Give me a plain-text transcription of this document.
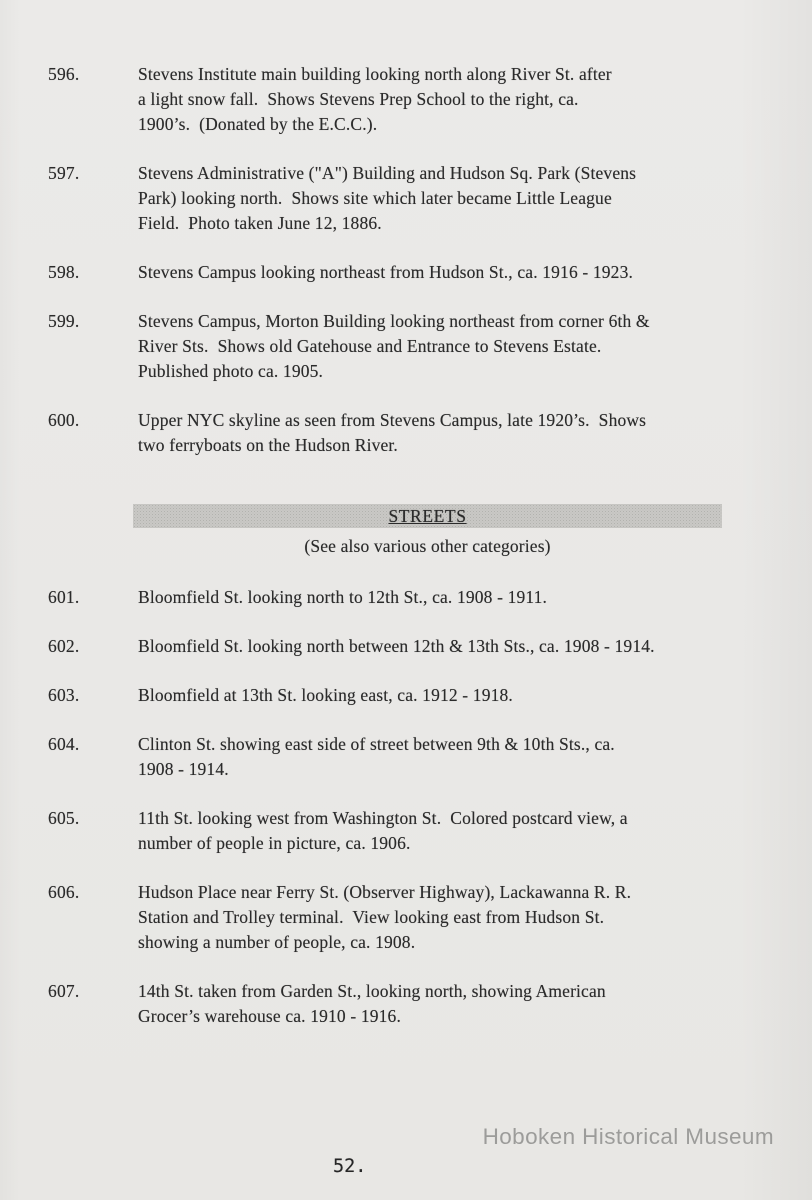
596.	Stevens Institute main building looking north along River St. after
a light snow fall.  Shows Stevens Prep School to the right, ca.
1900’s.  (Donated by the E.C.C.).
597.	Stevens Administrative ("A") Building and Hudson Sq. Park (Stevens
Park) looking north.  Shows site which later became Little League
Field.  Photo taken June 12, 1886.
598.	Stevens Campus looking northeast from Hudson St., ca. 1916 - 1923.
599.	Stevens Campus, Morton Building looking northeast from corner 6th &
River Sts.  Shows old Gatehouse and Entrance to Stevens Estate.
Published photo ca. 1905.
600.	Upper NYC skyline as seen from Stevens Campus, late 1920’s.  Shows
two ferryboats on the Hudson River.
STREETS
(See also various other categories)
601.	Bloomfield St. looking north to 12th St., ca. 1908 - 1911.
602.	Bloomfield St. looking north between 12th & 13th Sts., ca. 1908 - 1914.
603.	Bloomfield at 13th St. looking east, ca. 1912 - 1918.
604.	Clinton St. showing east side of street between 9th & 10th Sts., ca.
1908 - 1914.
605.	11th St. looking west from Washington St.  Colored postcard view, a
number of people in picture, ca. 1906.
606.	Hudson Place near Ferry St. (Observer Highway), Lackawanna R. R.
Station and Trolley terminal.  View looking east from Hudson St.
showing a number of people, ca. 1908.
607.	14th St. taken from Garden St., looking north, showing American
Grocer’s warehouse ca. 1910 - 1916.
Hoboken Historical Museum
52.
